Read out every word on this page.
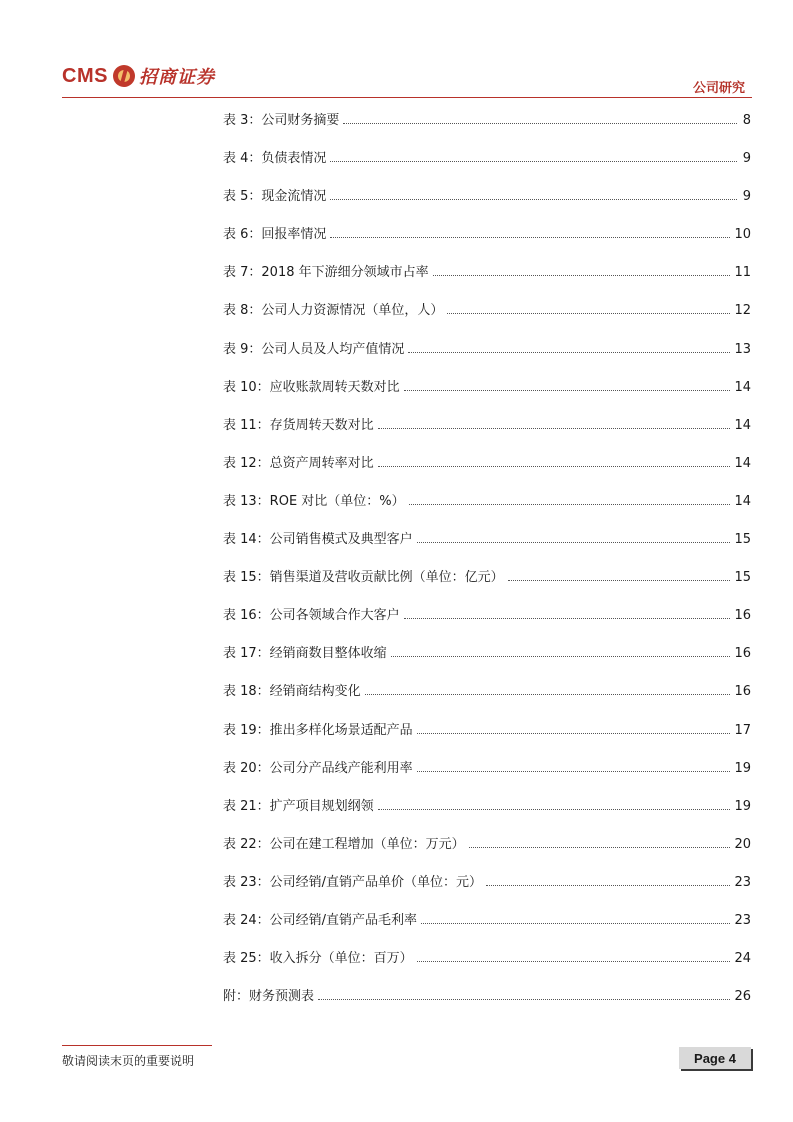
CMS 招商证券
公司研究
表 3：公司财务摘要	8
表 4：负债表情况	9
表 5：现金流情况	9
表 6：回报率情况	10
表 7：2018 年下游细分领域市占率	11
表 8：公司人力资源情况（单位，人）	12
表 9：公司人员及人均产值情况	13
表 10：应收账款周转天数对比	14
表 11：存货周转天数对比	14
表 12：总资产周转率对比	14
表 13：ROE 对比（单位：%）	14
表 14：公司销售模式及典型客户	15
表 15：销售渠道及营收贡献比例（单位：亿元）	15
表 16：公司各领域合作大客户	16
表 17：经销商数目整体收缩	16
表 18：经销商结构变化	16
表 19：推出多样化场景适配产品	17
表 20：公司分产品线产能利用率	19
表 21：扩产项目规划纲领	19
表 22：公司在建工程增加（单位：万元）	20
表 23：公司经销/直销产品单价（单位：元）	23
表 24：公司经销/直销产品毛利率	23
表 25：收入拆分（单位：百万）	24
附：财务预测表	26
敬请阅读末页的重要说明	Page 4
